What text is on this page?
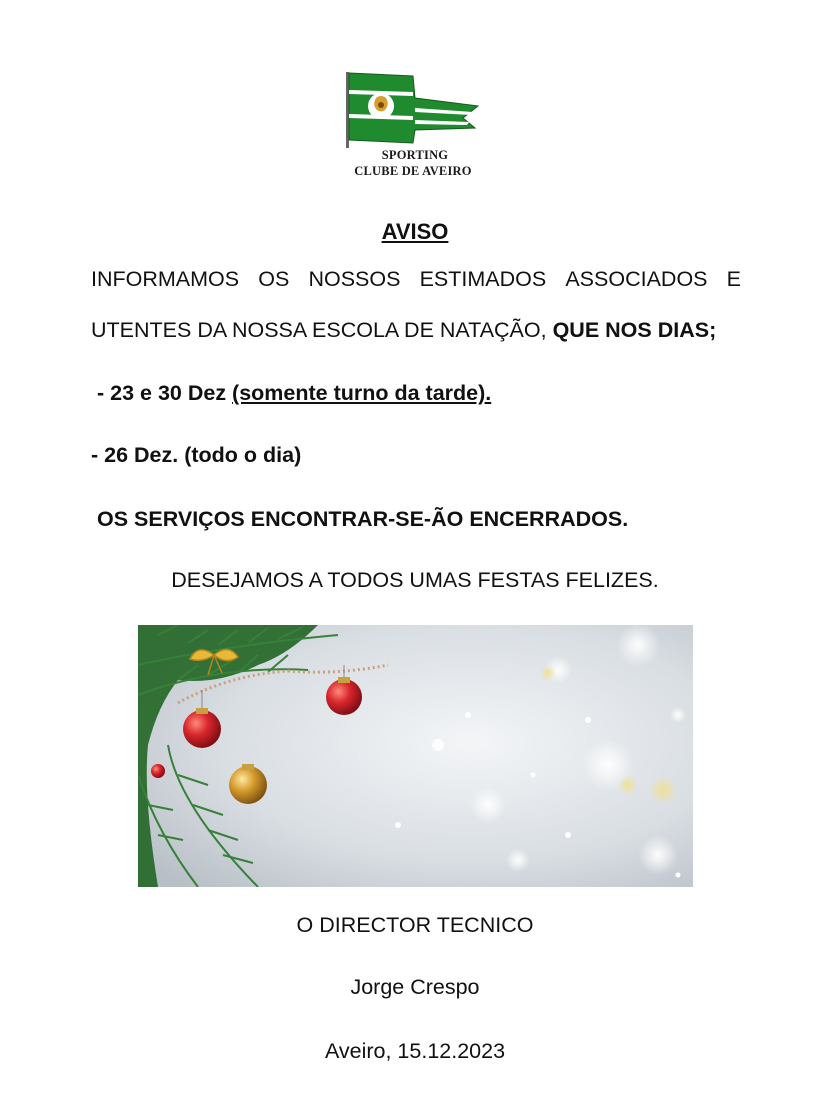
SPORTING
CLUBE DE AVEIRO
AVISO
INFORMAMOS OS NOSSOS ESTIMADOS ASSOCIADOS E
UTENTES DA NOSSA ESCOLA DE NATAÇÃO, QUE NOS DIAS;
- 23 e 30 Dez (somente turno da tarde).
- 26 Dez. (todo o dia)
OS SERVIÇOS ENCONTRAR-SE-ÃO ENCERRADOS.
DESEJAMOS A TODOS UMAS FESTAS FELIZES.
O DIRECTOR TECNICO
Jorge Crespo
Aveiro, 15.12.2023
